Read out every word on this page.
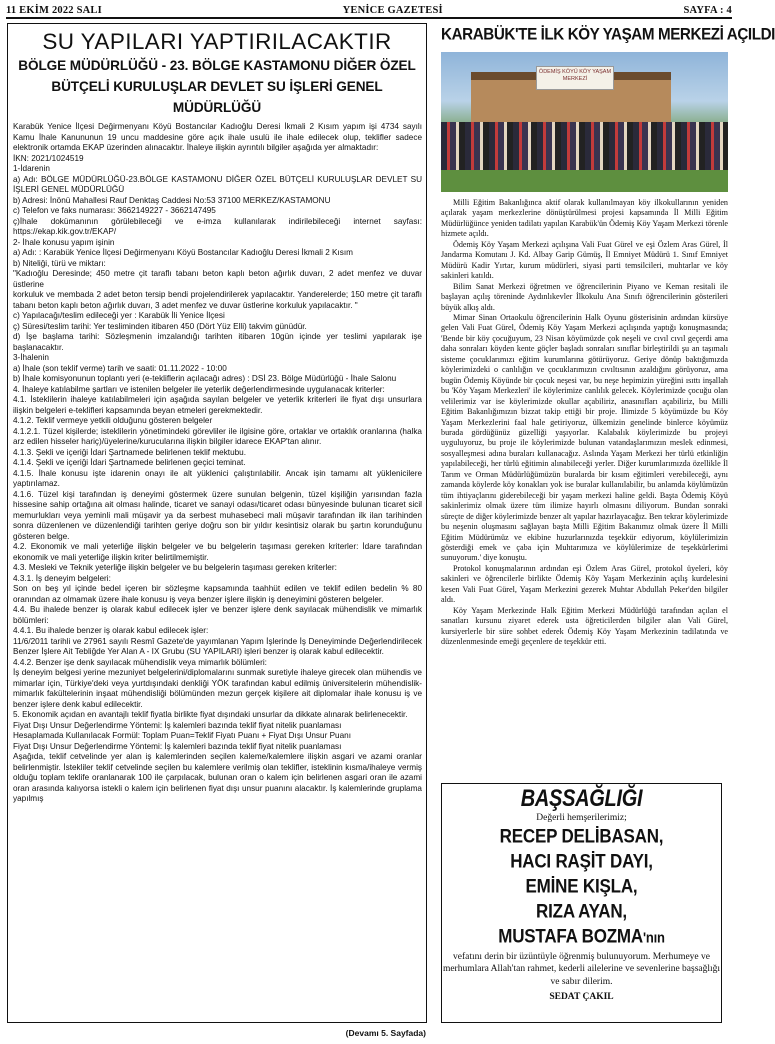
11 EKİM 2022 SALI	YENİCE GAZETESİ	SAYFA : 4
SU YAPILARI YAPTIRILACAKTIR
BÖLGE MÜDÜRLÜĞÜ - 23. BÖLGE KASTAMONU DİĞER ÖZEL
BÜTÇELİ KURULUŞLAR DEVLET SU İŞLERİ GENEL MÜDÜRLÜĞÜ

Karabük Yenice İlçesi Değirmenyanı Köyü Bostancılar Kadıoğlu Deresi İkmali 2 Kısım yapım işi 4734 sayılı Kamu İhale Kanununun 19 uncu maddesine göre açık ihale usulü ile ihale edilecek olup, teklifler sadece elektronik ortamda EKAP üzerinden alınacaktır. İhaleye ilişkin ayrıntılı bilgiler aşağıda yer almaktadır:

İKN: 2021/1024519

1-İdarenin

a) Adı: BÖLGE MÜDÜRLÜĞÜ-23.BÖLGE KASTAMONU DİĞER ÖZEL BÜTÇELİ KURULUŞLAR DEVLET SU İŞLERİ GENEL MÜDÜRLÜĞÜ

b) Adresi: İnönü Mahallesi Rauf Denktaş Caddesi No:53 37100 MERKEZ/KASTAMONU

c) Telefon ve faks numarası: 3662149227 - 3662147495

ç)İhale dokümanının görülebileceği ve e-imza kullanılarak indirilebileceği internet sayfası: https://ekap.kik.gov.tr/EKAP/

2- İhale konusu yapım işinin

a) Adı: : Karabük Yenice İlçesi Değirmenyanı Köyü Bostancılar Kadıoğlu Deresi İkmali 2 Kısım

b) Niteliği, türü ve miktarı:

"Kadıoğlu Deresinde; 450 metre çit taraflı tabanı beton kaplı beton ağırlık duvarı, 2 adet menfez ve duvar üstlerine

korkuluk ve membada 2 adet beton tersip bendi projelendirilerek yapılacaktır. Yanderelerde; 150 metre çit taraflı tabanı beton kaplı beton ağırlık duvarı, 3 adet menfez ve duvar üstlerine korkuluk yapılacaktır. "

c) Yapılacağı/teslim edileceği yer : Karabük İli Yenice İlçesi

ç) Süresi/teslim tarihi: Yer tesliminden itibaren 450 (Dört Yüz Elli) takvim günüdür.

d) İşe başlama tarihi: Sözleşmenin imzalandığı tarihten itibaren 10gün içinde yer teslimi yapılarak işe başlanacaktır.

3-İhalenin

a) İhale (son teklif verme) tarih ve saati: 01.11.2022 - 10:00

b) İhale komisyonunun toplantı yeri (e-tekliflerin açılacağı adres) : DSİ 23. Bölge Müdürlüğü - İhale Salonu

4. İhaleye katılabilme şartları ve istenilen belgeler ile yeterlik değerlendirmesinde uygulanacak kriterler:

4.1. İsteklilerin ihaleye katılabilmeleri için aşağıda sayılan belgeler ve yeterlik kriterleri ile fiyat dışı unsurlara ilişkin belgeleri e-teklifleri kapsamında beyan etmeleri gerekmektedir.

4.1.2. Teklif vermeye yetkili olduğunu gösteren belgeler

4.1.2.1. Tüzel kişilerde; isteklilerin yönetimindeki görevliler ile ilgisine göre, ortaklar ve ortaklık oranlarına (halka arz edilen hisseler hariç)/üyelerine/kurucularına ilişkin bilgiler idarece EKAP'tan alınır.

4.1.3. Şekli ve içeriği İdari Şartnamede belirlenen teklif mektubu.

4.1.4. Şekli ve içeriği İdari Şartnamede belirlenen geçici teminat.

4.1.5. İhale konusu işte idarenin onayı ile alt yüklenici çalıştırılabilir. Ancak işin tamamı alt yüklenicilere yaptırılamaz.

4.1.6. Tüzel kişi tarafından iş deneyimi göstermek üzere sunulan belgenin, tüzel kişiliğin yarısından fazla hissesine sahip ortağına ait olması halinde, ticaret ve sanayi odası/ticaret odası bünyesinde bulunan ticaret sicil memurlukları veya yeminli mali müşavir ya da serbest muhasebeci mali müşavir tarafından ilk ilan tarihinden sonra düzenlenen ve düzenlendiği tarihten geriye doğru son bir yıldır kesintisiz olarak bu şartın korunduğunu gösteren belge.

4.2. Ekonomik ve mali yeterliğe ilişkin belgeler ve bu belgelerin taşıması gereken kriterler: İdare tarafından ekonomik ve mali yeterliğe ilişkin kriter belirtilmemiştir.

4.3. Mesleki ve Teknik yeterliğe ilişkin belgeler ve bu belgelerin taşıması gereken kriterler:

4.3.1. İş deneyim belgeleri:

Son on beş yıl içinde bedel içeren bir sözleşme kapsamında taahhüt edilen ve teklif edilen bedelin % 80 oranından az olmamak üzere ihale konusu iş veya benzer işlere ilişkin iş deneyimini gösteren belgeler.

4.4. Bu ihalede benzer iş olarak kabul edilecek işler ve benzer işlere denk sayılacak mühendislik ve mimarlık bölümleri:

4.4.1. Bu ihalede benzer iş olarak kabul edilecek işler:

11/6/2011 tarihli ve 27961 sayılı Resmî Gazete'de yayımlanan Yapım İşlerinde İş Deneyiminde Değerlendirilecek Benzer İşlere Ait Tebliğde Yer Alan A - IX Grubu (SU YAPILARI) işleri benzer iş olarak kabul edilecektir.

4.4.2. Benzer işe denk sayılacak mühendislik veya mimarlık bölümleri:

İş deneyim belgesi yerine mezuniyet belgelerini/diplomalarını sunmak suretiyle ihaleye girecek olan mühendis ve mimarlar için, Türkiye'deki veya yurtdışındaki denkliği YÖK tarafından kabul edilmiş üniversitelerin mühendislik-mimarlık fakültelerinin inşaat mühendisliği bölümünden mezun gerçek kişilere ait diplomalar ihale konusu iş ve benzer işlere denk kabul edilecektir.

5. Ekonomik açıdan en avantajlı teklif fiyatla birlikte fiyat dışındaki unsurlar da dikkate alınarak belirlenecektir.

Fiyat Dışı Unsur Değerlendirme Yöntemi: İş kalemleri bazında teklif fiyat nitelik puanlaması

Hesaplamada Kullanılacak Formül: Toplam Puan=Teklif Fiyatı Puanı + Fiyat Dışı Unsur Puanı

Fiyat Dışı Unsur Değerlendirme Yöntemi: İş kalemleri bazında teklif fiyat nitelik puanlaması

Aşağıda, teklif cetvelinde yer alan iş kalemlerinden seçilen kaleme/kalemlere ilişkin asgari ve azami oranlar belirlenmiştir. İstekliler teklif cetvelinde seçilen bu kalemlere verilmiş olan teklifler, isteklinin kısma/ihaleye vermiş olduğu toplam teklife oranlanarak 100 ile çarpılacak, bulunan oran o kalem için belirlenen asgari oran ile azami oran arasında kalıyorsa istekli o kalem için belirlenen fiyat dışı unsur puanını alacaktır. İş kalemlerinde gruplama yapılmış

(Devamı 5. Sayfada)
KARABÜK'TE İLK KÖY YAŞAM MERKEZİ AÇILDI
ÖDEMİŞ KÖYÜ KÖY YAŞAM MERKEZİ

Milli Eğitim Bakanlığınca aktif olarak kullanılmayan köy ilkokullarının yeniden açılarak yaşam merkezlerine dönüştürülmesi projesi kapsamında İl Milli Eğitim Müdürlüğünce yeniden tadilatı yapılan Karabük'ün Ödemiş Köy Yaşam Merkezi törenle hizmete açıldı.

Ödemiş Köy Yaşam Merkezi açılışına Vali Fuat Gürel ve eşi Özlem Aras Gürel, İl Jandarma Komutanı J. Kd. Albay Garip Gümüş, İl Emniyet Müdürü 1. Sınıf Emniyet Müdürü Kadir Yırtar, kurum müdürleri, siyasi parti temsilcileri, muhtarlar ve köy sakinleri katıldı.

Bilim Sanat Merkezi öğretmen ve öğrencilerinin Piyano ve Keman resitali ile başlayan açılış töreninde Aydınlıkevler İlkokulu Ana Sınıfı öğrencilerinin gösterileri büyük alkış aldı.

Mimar Sinan Ortaokulu öğrencilerinin Halk Oyunu gösterisinin ardından kürsüye gelen Vali Fuat Gürel, Ödemiş Köy Yaşam Merkezi açılışında yaptığı konuşmasında; 'Bende bir köy çocuğuyum, 23 Nisan köyümüzde çok neşeli ve cıvıl cıvıl geçerdi ama daha sonraları köyden kente göçler başladı sonraları sınıflar birleştirildi şu an taşımalı sisteme çocuklarımızı eğitim kurumlarına götürüyoruz. Geriye dönüp baktığımızda köylerimizdeki o canlılığın ve çocuklarımızın cıvıltısının azaldığını görüyoruz, ama bugün Ödemiş Köyünde bir çocuk neşesi var, bu neşe hepimizin yüreğini ısıttı inşallah bu 'Köy Yaşam Merkezleri' ile köylerimize canlılık gelecek. Köylerimizde çocuğu olan velilerimiz var ise köylerimizde okullar açabiliriz, anasınıfları açabiliriz, bu Milli Eğitim Bakanlığımızın bizzat takip ettiği bir proje. İlimizde 5 köyümüzde bu Köy Yaşam Merkezlerini faal hale getiriyoruz, ülkemizin genelinde binlerce köyümüz burada gördüğünüz güzelliği yaşıyorlar. Kalabalık köylerimizde bu projeyi uyguluyoruz, bu proje ile köylerimizde bulunan vatandaşlarımızın meslek edinmesi, sosyalleşmesi adına buraları kullanacağız. Aslında Yaşam Merkezi her türlü etkinliğin yapılabileceği, her türlü eğitimin alınabileceği yerler. Diğer kurumlarımızda özellikle İl Tarım ve Orman Müdürlüğümüzün buralarda bir kısım eğitimleri verebileceği, aynı zamanda köylerde köy konakları yok ise buralar kullanılabilir, bu anlamda köylümüzün tüm ihtiyaçlarını giderebileceği bir yaşam merkezi haline geldi. Başta Ödemiş Köyü sakinlerimiz olmak üzere tüm ilimize hayırlı olmasını diliyorum. Bundan sonraki süreçte de diğer köylerimizde benzer alt yapılar hazırlayacağız. Ben tekrar köylerimizde bu neşenin oluşmasını sağlayan başta Milli Eğitim Bakanımız olmak üzere İl Milli Eğitim Müdürümüz ve ekibine huzurlarınızda teşekkür ediyorum, köylülerimizin gösterdiği emek ve çaba için Muhtarımıza ve köylülerimize de teşekkürlerimi sunuyorum.' diye konuştu.

Protokol konuşmalarının ardından eşi Özlem Aras Gürel, protokol üyeleri, köy sakinleri ve öğrencilerle birlikte Ödemiş Köy Yaşam Merkezinin açılış kurdelesini kesen Vali Fuat Gürel, Yaşam Merkezini gezerek Muhtar Abdullah Peker'den bilgiler aldı.

Köy Yaşam Merkezinde Halk Eğitim Merkezi Müdürlüğü tarafından açılan el sanatları kursunu ziyaret ederek usta öğreticilerden bilgiler alan Vali Gürel, kursiyerlerle bir süre sohbet ederek Ödemiş Köy Yaşam Merkezinin tadilatında ve düzenlenmesinde emeği geçenlere de teşekkür etti.

BAŞSAĞLIĞI
Değerli hemşerilerimiz;
RECEP DELİBASAN,
HACI RAŞİT DAYI,
EMİNE KIŞLA,
RIZA AYAN,
MUSTAFA BOZMA'nın
vefatını derin bir üzüntüyle öğrenmiş bulunuyorum. Merhumeye ve merhumlara Allah'tan rahmet, kederli ailelerine ve sevenlerine başsağlığı ve sabır dilerim.
SEDAT ÇAKIL
